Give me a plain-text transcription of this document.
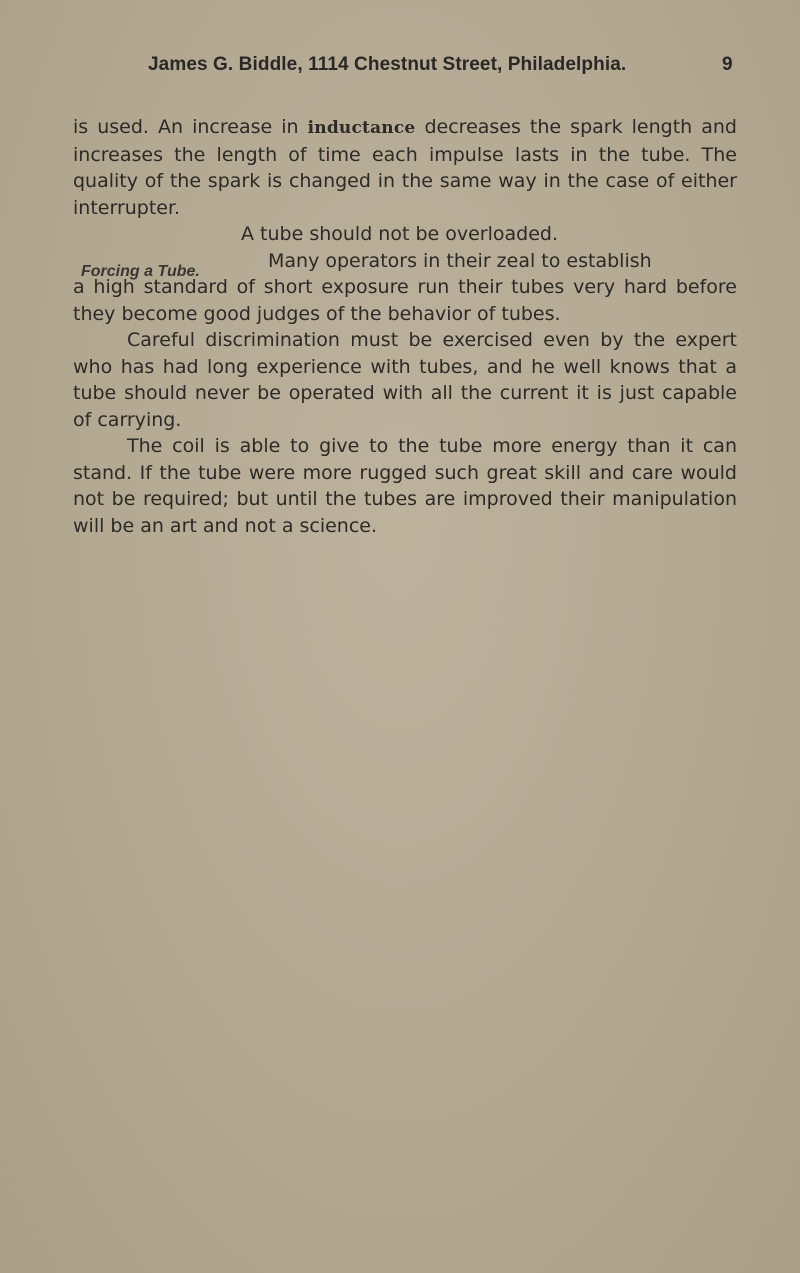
James G. Biddle, 1114 Chestnut Street, Philadelphia.	9

is used. An increase in inductance decreases the spark length and increases the length of time each impulse lasts in the tube. The quality of the spark is changed in the same way in the case of either interrupter.

Forcing a Tube.

A tube should not be overloaded.

Many operators in their zeal to establish

a high standard of short exposure run their tubes very hard before they become good judges of the behavior of tubes.

Careful discrimination must be exercised even by the expert who has had long experience with tubes, and he well knows that a tube should never be operated with all the current it is just capable of carrying.

The coil is able to give to the tube more energy than it can stand. If the tube were more rugged such great skill and care would not be required; but until the tubes are improved their manipulation will be an art and not a science.
